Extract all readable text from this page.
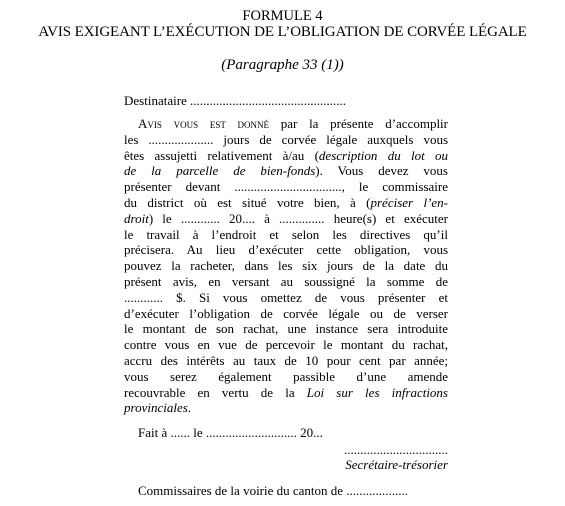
FORMULE 4
AVIS EXIGEANT L’EXÉCUTION DE L’OBLIGATION DE CORVÉE LÉGALE
(Paragraphe 33 (1))
Destinataire ................................................
Avis vous est donné par la présente d’accomplir
les .................... jours de corvée légale auxquels vous
êtes assujetti relativement à/au (description du lot ou
de la parcelle de bien-fonds). Vous devez vous
présenter devant ................................., le commissaire
du district où est situé votre bien, à (préciser l’en-
droit) le ............ 20.... à .............. heure(s) et exécuter
le travail à l’endroit et selon les directives qu’il
précisera. Au lieu d’exécuter cette obligation, vous
pouvez la racheter, dans les six jours de la date du
présent avis, en versant au soussigné la somme de
............ $. Si vous omettez de vous présenter et
d’exécuter l’obligation de corvée légale ou de verser
le montant de son rachat, une instance sera introduite
contre vous en vue de percevoir le montant du rachat,
accru des intérêts au taux de 10 pour cent par année;
vous serez également passible d’une amende
recouvrable en vertu de la Loi sur les infractions
provinciales.
Fait à ...... le ............................ 20...
................................
Secrétaire-trésorier
Commissaires de la voirie du canton de ...................
